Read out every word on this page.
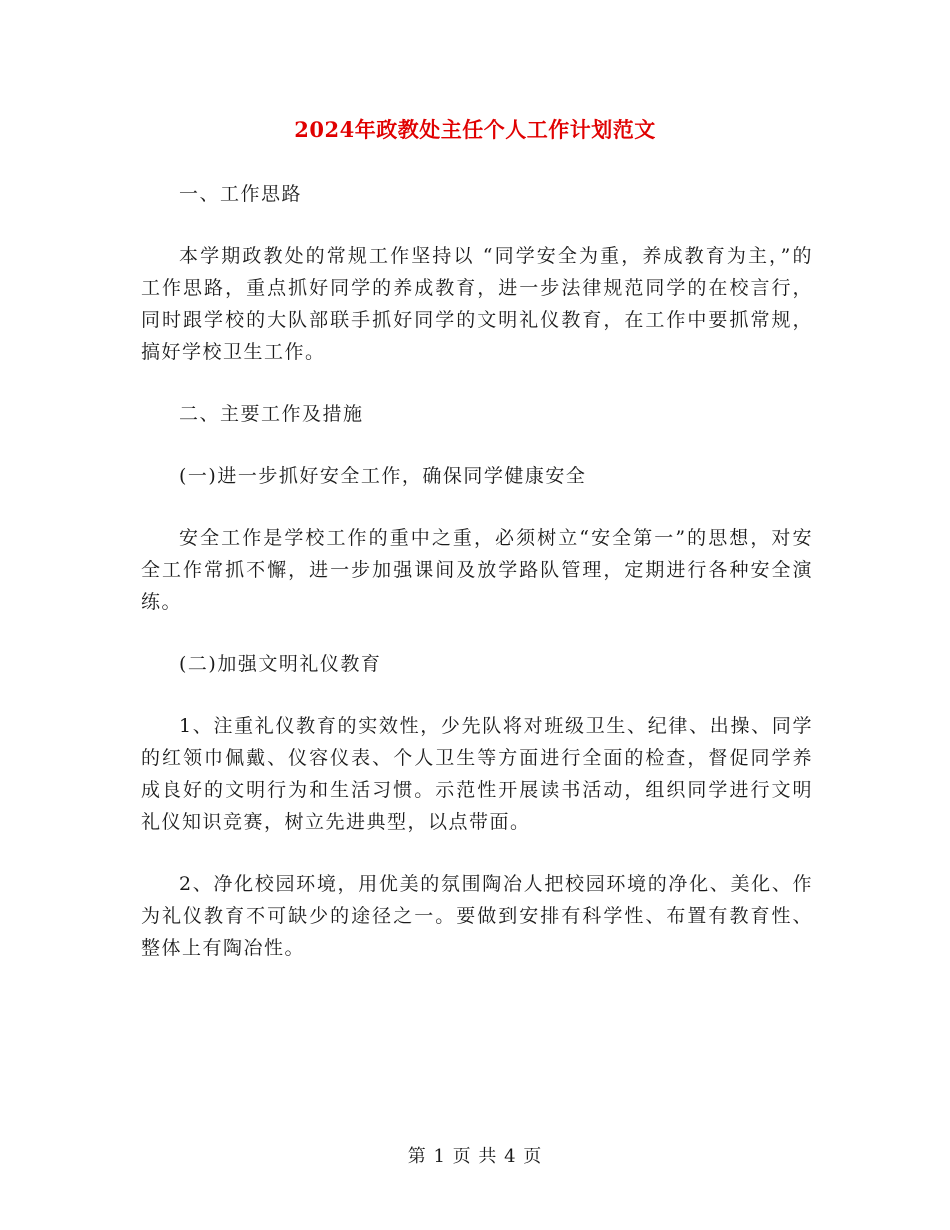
2024年政教处主任个人工作计划范文

一、工作思路

本学期政教处的常规工作坚持以 “同学安全为重，养成教育为主，”的工作思路，重点抓好同学的养成教育，进一步法律规范同学的在校言行，同时跟学校的大队部联手抓好同学的文明礼仪教育，在工作中要抓常规，搞好学校卫生工作。

二、主要工作及措施

(一)进一步抓好安全工作，确保同学健康安全

安全工作是学校工作的重中之重，必须树立“安全第一”的思想，对安全工作常抓不懈，进一步加强课间及放学路队管理，定期进行各种安全演练。

(二)加强文明礼仪教育

1、注重礼仪教育的实效性，少先队将对班级卫生、纪律、出操、同学的红领巾佩戴、仪容仪表、个人卫生等方面进行全面的检查，督促同学养成良好的文明行为和生活习惯。示范性开展读书活动，组织同学进行文明礼仪知识竞赛，树立先进典型，以点带面。

2、净化校园环境，用优美的氛围陶冶人把校园环境的净化、美化、作为礼仪教育不可缺少的途径之一。要做到安排有科学性、布置有教育性、整体上有陶冶性。

第 1 页 共 4 页
